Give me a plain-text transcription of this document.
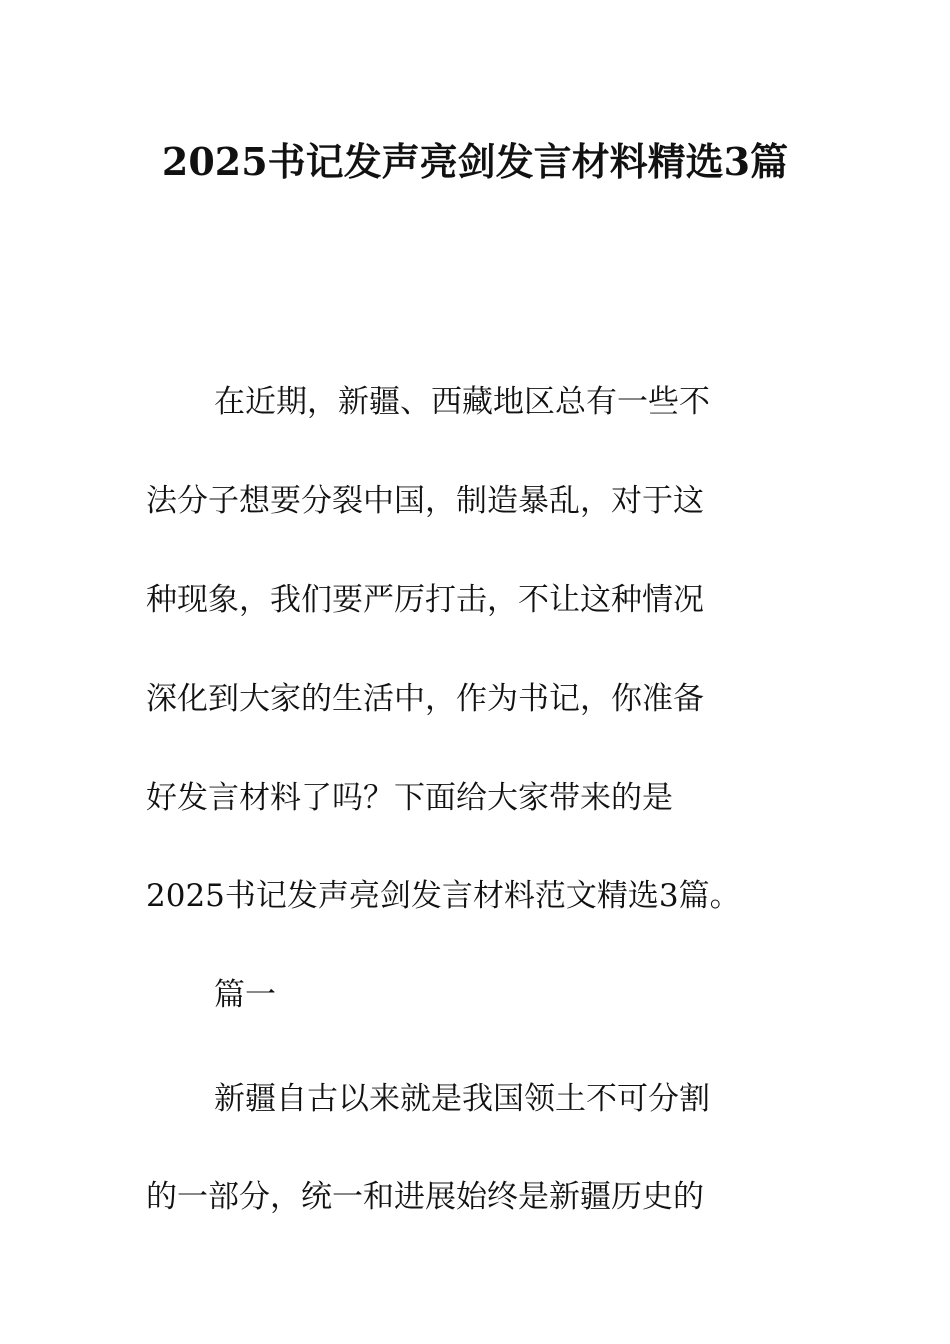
2025书记发声亮剑发言材料精选3篇

在近期，新疆、西藏地区总有一些不

法分子想要分裂中国，制造暴乱，对于这

种现象，我们要严厉打击，不让这种情况

深化到大家的生活中，作为书记，你准备

好发言材料了吗？下面给大家带来的是

2025书记发声亮剑发言材料范文精选3篇。

篇一

新疆自古以来就是我国领土不可分割

的一部分，统一和进展始终是新疆历史的
